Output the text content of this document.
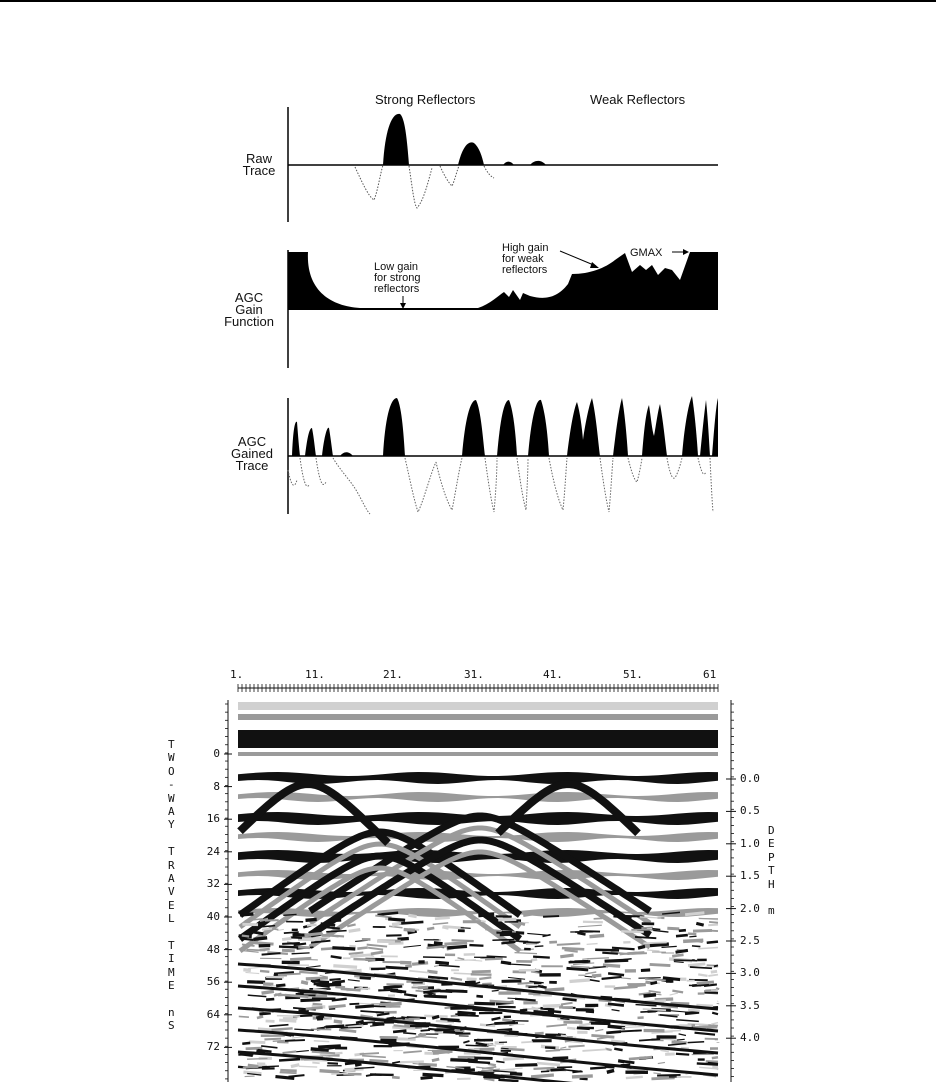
Strong Reflectors	Weak Reflectors
Raw
Trace
AGC
Gain
Function
AGC
Gained
Trace
Low gain
for strong
reflectors
High gain
for weak
reflectors
GMAX
1.	11.	21.	31.	41.	51.	61
T
W
O
-
W
A
Y
T
R
A
V
E
L
T
I
M
E
n
S
0
8
16
24
32
40
48
56
64
72
0.0
0.5
1.0
1.5
2.0
2.5
3.0
3.5
4.0
D
E
P
T
H
m
